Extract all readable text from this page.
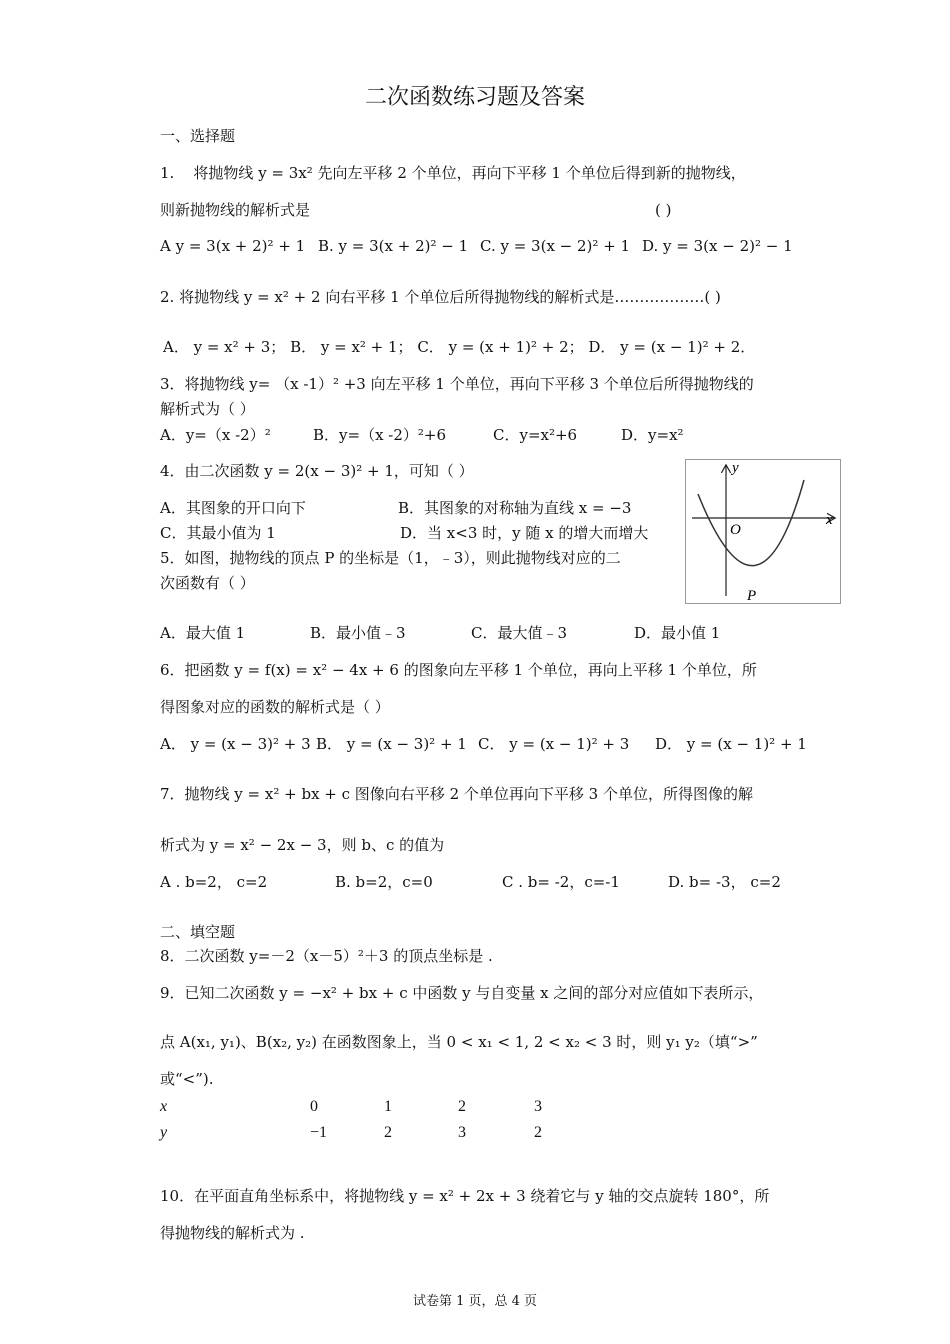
二次函数练习题及答案
一、选择题
1. 将抛物线 y = 3x² 先向左平移 2 个单位，再向下平移 1 个单位后得到新的抛物线，
则新抛物线的解析式是	( )
A y = 3(x + 2)² + 1 B. y = 3(x + 2)² − 1 C. y = 3(x − 2)² + 1 D. y = 3(x − 2)² − 1
2. 将抛物线 y = x² + 2 向右平移 1 个单位后所得抛物线的解析式是………………( )
A． y = x² + 3； B． y = x² + 1； C． y = (x + 1)² + 2； D． y = (x − 1)² + 2．
3．将抛物线 y= （x -1）² +3 向左平移 1 个单位，再向下平移 3 个单位后所得抛物线的
解析式为（ ）
A．y=（x -2）²	B．y=（x -2）²+6	C．y=x²+6	D．y=x²
4．由二次函数 y = 2(x − 3)² + 1，可知（ ）
A．其图象的开口向下	B．其图象的对称轴为直线 x = −3
C．其最小值为 1	D．当 x<3 时，y 随 x 的增大而增大
5．如图，抛物线的顶点 P 的坐标是（1，﹣3），则此抛物线对应的二
次函数有（ ）
x
y
O
P
A．最大值 1	B．最小值﹣3	C．最大值﹣3	D．最小值 1
6．把函数 y = f(x) = x² − 4x + 6 的图象向左平移 1 个单位，再向上平移 1 个单位，所
得图象对应的函数的解析式是（ ）
A． y = (x − 3)² + 3 B． y = (x − 3)² + 1 C． y = (x − 1)² + 3 D． y = (x − 1)² + 1
7．抛物线 y = x² + bx + c 图像向右平移 2 个单位再向下平移 3 个单位，所得图像的解
析式为 y = x² − 2x − 3，则 b、c 的值为
A . b=2， c=2	B. b=2，c=0	C . b= -2，c=-1	D. b= -3， c=2
二、填空题
8．二次函数 y=－2（x－5）²＋3 的顶点坐标是 .
9．已知二次函数 y = −x² + bx + c 中函数 y 与自变量 x 之间的部分对应值如下表所示，
点 A(x₁, y₁)、B(x₂, y₂) 在函数图象上，当 0 < x₁ < 1, 2 < x₂ < 3 时，则 y₁ y₂（填“>”
或“<”).
x	0	1	2	3
y	−1	2	3	2
10．在平面直角坐标系中，将抛物线 y = x² + 2x + 3 绕着它与 y 轴的交点旋转 180°，所
得抛物线的解析式为 .
试卷第 1 页，总 4 页
